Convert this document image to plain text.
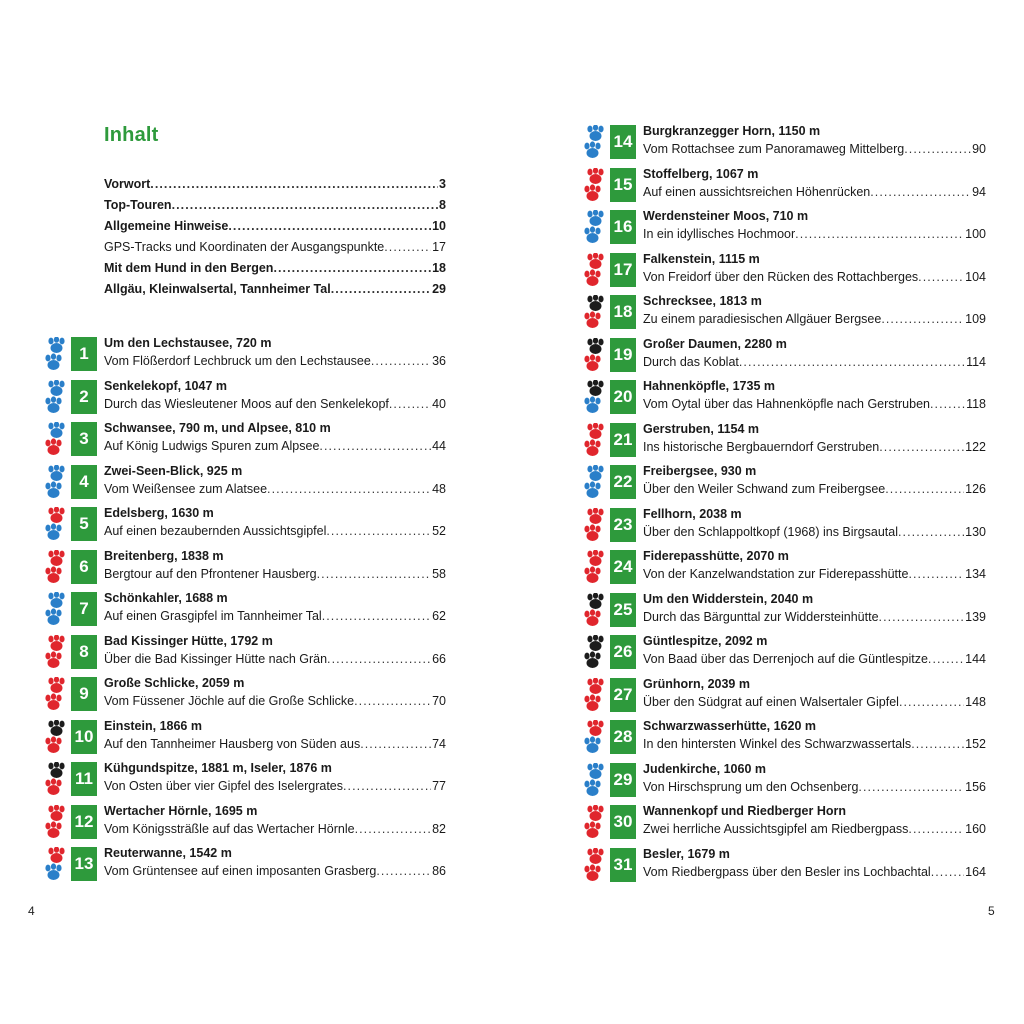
Inhalt
Vorwort . . .	3
Top-Touren . . .	8
Allgemeine Hinweise . . .	10
GPS-Tracks und Koordinaten der Ausgangspunkte . . .	17
Mit dem Hund in den Bergen . . .	18
Allgäu, Kleinwalsertal, Tannheimer Tal . . .	29
1
Um den Lechstausee, 720 m
Vom Flößerdorf Lechbruck um den Lechstausee . . .	36
2
Senkelekopf, 1047 m
Durch das Wiesleutener Moos auf den Senkelekopf . . .	40
3
Schwansee, 790 m, und Alpsee, 810 m
Auf König Ludwigs Spuren zum Alpsee . . .	44
4
Zwei-Seen-Blick, 925 m
Vom Weißensee zum Alatsee . . .	48
5
Edelsberg, 1630 m
Auf einen bezaubernden Aussichtsgipfel . . .	52
6
Breitenberg, 1838 m
Bergtour auf den Pfrontener Hausberg . . .	58
7
Schönkahler, 1688 m
Auf einen Grasgipfel im Tannheimer Tal . . .	62
8
Bad Kissinger Hütte, 1792 m
Über die Bad Kissinger Hütte nach Grän . . .	66
9
Große Schlicke, 2059 m
Vom Füssener Jöchle auf die Große Schlicke . . .	70
10
Einstein, 1866 m
Auf den Tannheimer Hausberg von Süden aus . . .	74
11
Kühgundspitze, 1881 m, Iseler, 1876 m
Von Osten über vier Gipfel des Iselergrates . . .	77
12
Wertacher Hörnle, 1695 m
Vom Königssträßle auf das Wertacher Hörnle . . .	82
13
Reuterwanne, 1542 m
Vom Grüntensee auf einen imposanten Grasberg . . .	86
4
14
Burgkranzegger Horn, 1150 m
Vom Rottachsee zum Panoramaweg Mittelberg . . .	90
15
Stoffelberg, 1067 m
Auf einen aussichtsreichen Höhenrücken . . .	94
16
Werdensteiner Moos, 710 m
In ein idyllisches Hochmoor . . .	100
17
Falkenstein, 1115 m
Von Freidorf über den Rücken des Rottachberges . . .	104
18
Schrecksee, 1813 m
Zu einem paradiesischen Allgäuer Bergsee . . .	109
19
Großer Daumen, 2280 m
Durch das Koblat . . .	114
20
Hahnenköpfle, 1735 m
Vom Oytal über das Hahnenköpfle nach Gerstruben . . .	118
21
Gerstruben, 1154 m
Ins historische Bergbauerndorf Gerstruben . . .	122
22
Freibergsee, 930 m
Über den Weiler Schwand zum Freibergsee . . .	126
23
Fellhorn, 2038 m
Über den Schlappoltkopf (1968) ins Birgsautal . . .	130
24
Fiderepasshütte, 2070 m
Von der Kanzelwandstation zur Fiderepasshütte . . .	134
25
Um den Widderstein, 2040 m
Durch das Bärgunttal zur Widdersteinhütte . . .	139
26
Güntlespitze, 2092 m
Von Baad über das Derrenjoch auf die Güntlespitze . . .	144
27
Grünhorn, 2039 m
Über den Südgrat auf einen Walsertaler Gipfel . . .	148
28
Schwarzwasserhütte, 1620 m
In den hintersten Winkel des Schwarzwassertals . . .	152
29
Judenkirche, 1060 m
Von Hirschsprung um den Ochsenberg . . .	156
30
Wannenkopf und Riedberger Horn
Zwei herrliche Aussichtsgipfel am Riedbergpass . . .	160
31
Besler, 1679 m
Vom Riedbergpass über den Besler ins Lochbachtal . . .	164
5
